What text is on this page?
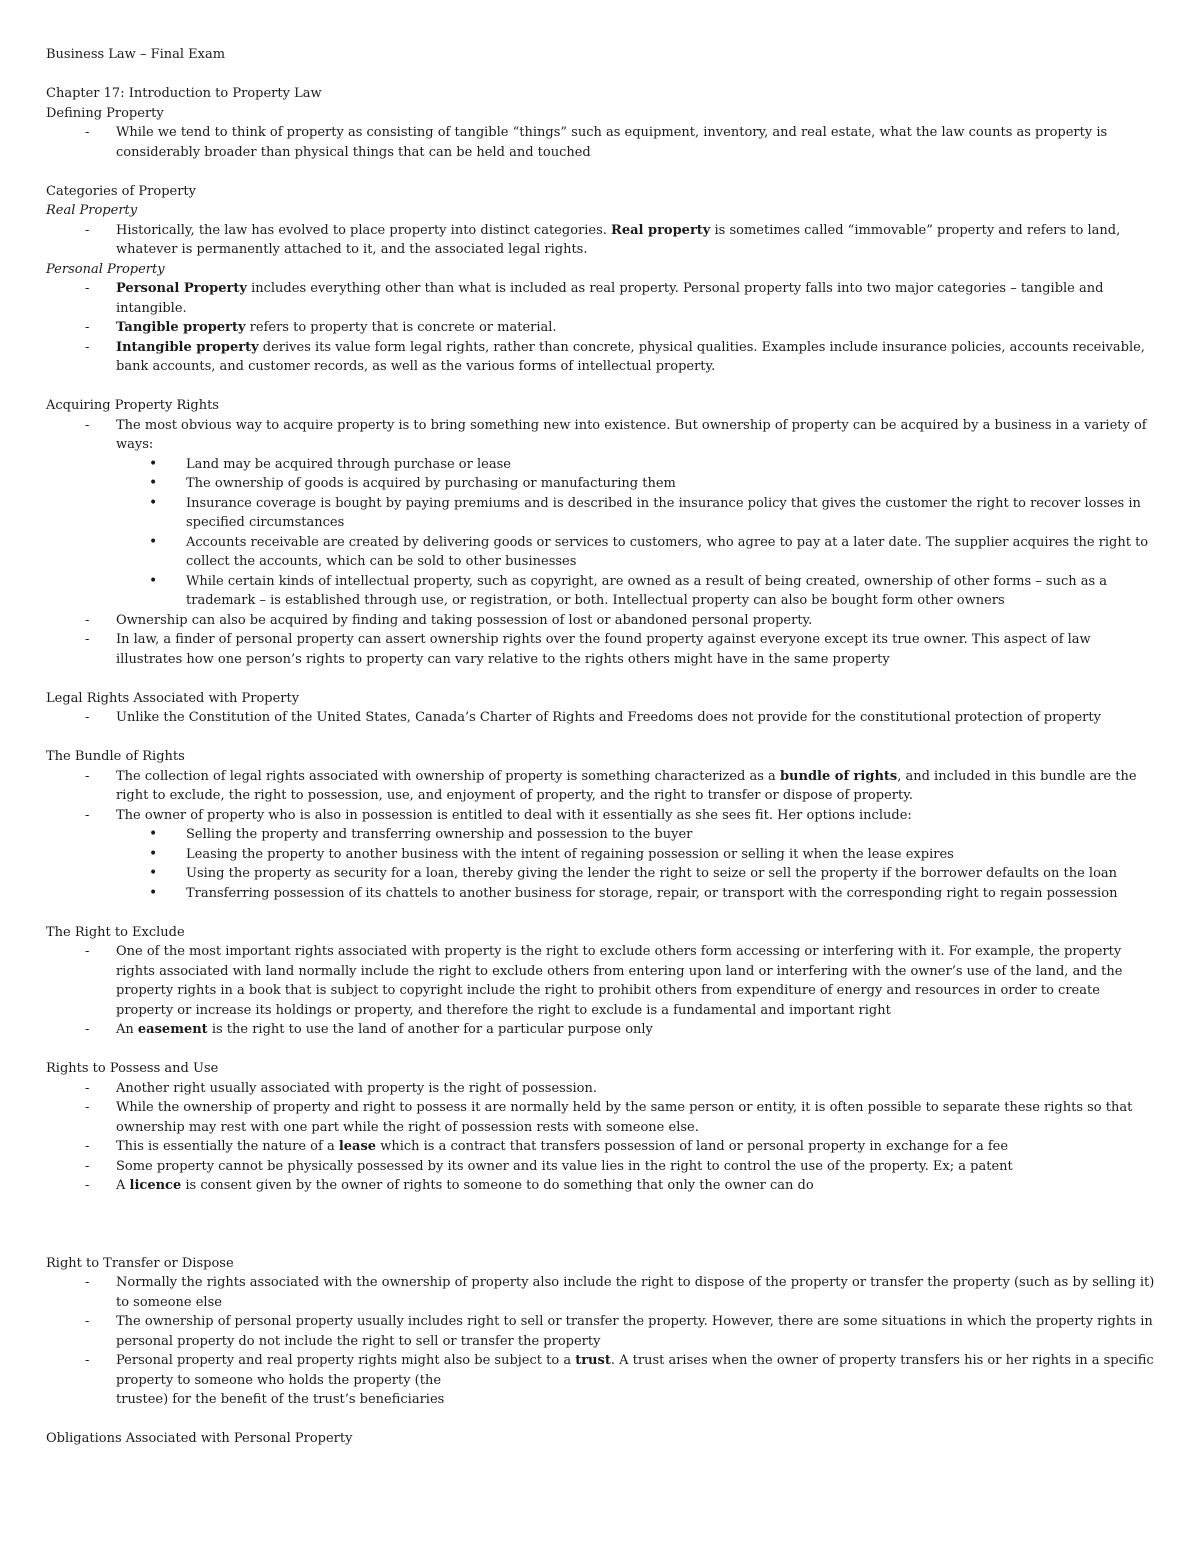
Business Law – Final Exam

Chapter 17: Introduction to Property Law

Defining Property

- While we tend to think of property as consisting of tangible “things” such as equipment, inventory, and real estate, what the law counts as property is considerably broader than physical things that can be held and touched

Categories of Property

Real Property

- Historically, the law has evolved to place property into distinct categories. Real property is sometimes called “immovable” property and refers to land, whatever is permanently attached to it, and the associated legal rights.

Personal Property

- Personal Property includes everything other than what is included as real property. Personal property falls into two major categories – tangible and intangible.
- Tangible property refers to property that is concrete or material.
- Intangible property derives its value form legal rights, rather than concrete, physical qualities. Examples include insurance policies, accounts receivable, bank accounts, and customer records, as well as the various forms of intellectual property.

Acquiring Property Rights

- The most obvious way to acquire property is to bring something new into existence. But ownership of property can be acquired by a business in a variety of ways:
• Land may be acquired through purchase or lease
• The ownership of goods is acquired by purchasing or manufacturing them
• Insurance coverage is bought by paying premiums and is described in the insurance policy that gives the customer the right to recover losses in specified circumstances
• Accounts receivable are created by delivering goods or services to customers, who agree to pay at a later date. The supplier acquires the right to collect the accounts, which can be sold to other businesses
• While certain kinds of intellectual property, such as copyright, are owned as a result of being created, ownership of other forms – such as a trademark – is established through use, or registration, or both. Intellectual property can also be bought form other owners
- Ownership can also be acquired by finding and taking possession of lost or abandoned personal property.
- In law, a finder of personal property can assert ownership rights over the found property against everyone except its true owner. This aspect of law illustrates how one person’s rights to property can vary relative to the rights others might have in the same property

Legal Rights Associated with Property

- Unlike the Constitution of the United States, Canada’s Charter of Rights and Freedoms does not provide for the constitutional protection of property

The Bundle of Rights

- The collection of legal rights associated with ownership of property is something characterized as a bundle of rights, and included in this bundle are the right to exclude, the right to possession, use, and enjoyment of property, and the right to transfer or dispose of property.
- The owner of property who is also in possession is entitled to deal with it essentially as she sees fit. Her options include:
• Selling the property and transferring ownership and possession to the buyer
• Leasing the property to another business with the intent of regaining possession or selling it when the lease expires
• Using the property as security for a loan, thereby giving the lender the right to seize or sell the property if the borrower defaults on the loan
• Transferring possession of its chattels to another business for storage, repair, or transport with the corresponding right to regain possession

The Right to Exclude

- One of the most important rights associated with property is the right to exclude others form accessing or interfering with it. For example, the property rights associated with land normally include the right to exclude others from entering upon land or interfering with the owner’s use of the land, and the property rights in a book that is subject to copyright include the right to prohibit others from expenditure of energy and resources in order to create property or increase its holdings or property, and therefore the right to exclude is a fundamental and important right
- An easement is the right to use the land of another for a particular purpose only

Rights to Possess and Use

- Another right usually associated with property is the right of possession.
- While the ownership of property and right to possess it are normally held by the same person or entity, it is often possible to separate these rights so that ownership may rest with one part while the right of possession rests with someone else.
- This is essentially the nature of a lease which is a contract that transfers possession of land or personal property in exchange for a fee
- Some property cannot be physically possessed by its owner and its value lies in the right to control the use of the property. Ex; a patent
- A licence is consent given by the owner of rights to someone to do something that only the owner can do

Right to Transfer or Dispose

- Normally the rights associated with the ownership of property also include the right to dispose of the property or transfer the property (such as by selling it) to someone else
- The ownership of personal property usually includes right to sell or transfer the property. However, there are some situations in which the property rights in personal property do not include the right to sell or transfer the property
- Personal property and real property rights might also be subject to a trust. A trust arises when the owner of property transfers his or her rights in a specific property to someone who holds the property (the
trustee) for the benefit of the trust’s beneficiaries

Obligations Associated with Personal Property
